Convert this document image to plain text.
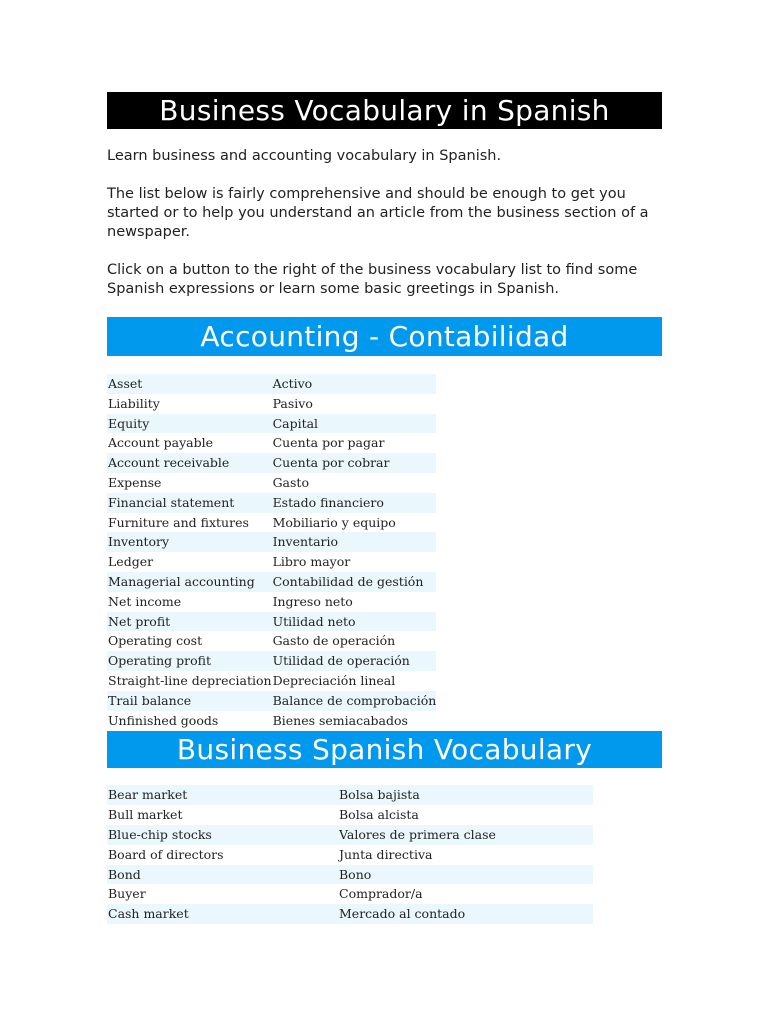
Business Vocabulary in Spanish

Learn business and accounting vocabulary in Spanish.

The list below is fairly comprehensive and should be enough to get you started or to help you understand an article from the business section of a newspaper.

Click on a button to the right of the business vocabulary list to find some Spanish expressions or learn some basic greetings in Spanish.

Accounting - Contabilidad
Asset	Activo
Liability	Pasivo
Equity	Capital
Account payable	Cuenta por pagar
Account receivable	Cuenta por cobrar
Expense	Gasto
Financial statement	Estado financiero
Furniture and fixtures	Mobiliario y equipo
Inventory	Inventario
Ledger	Libro mayor
Managerial accounting	Contabilidad de gestión
Net income	Ingreso neto
Net profit	Utilidad neto
Operating cost	Gasto de operación
Operating profit	Utilidad de operación
Straight-line depreciation	Depreciación lineal
Trail balance	Balance de comprobación
Unfinished goods	Bienes semiacabados
Business Spanish Vocabulary
Bear market	Bolsa bajista
Bull market	Bolsa alcista
Blue-chip stocks	Valores de primera clase
Board of directors	Junta directiva
Bond	Bono
Buyer	Comprador/a
Cash market	Mercado al contado
